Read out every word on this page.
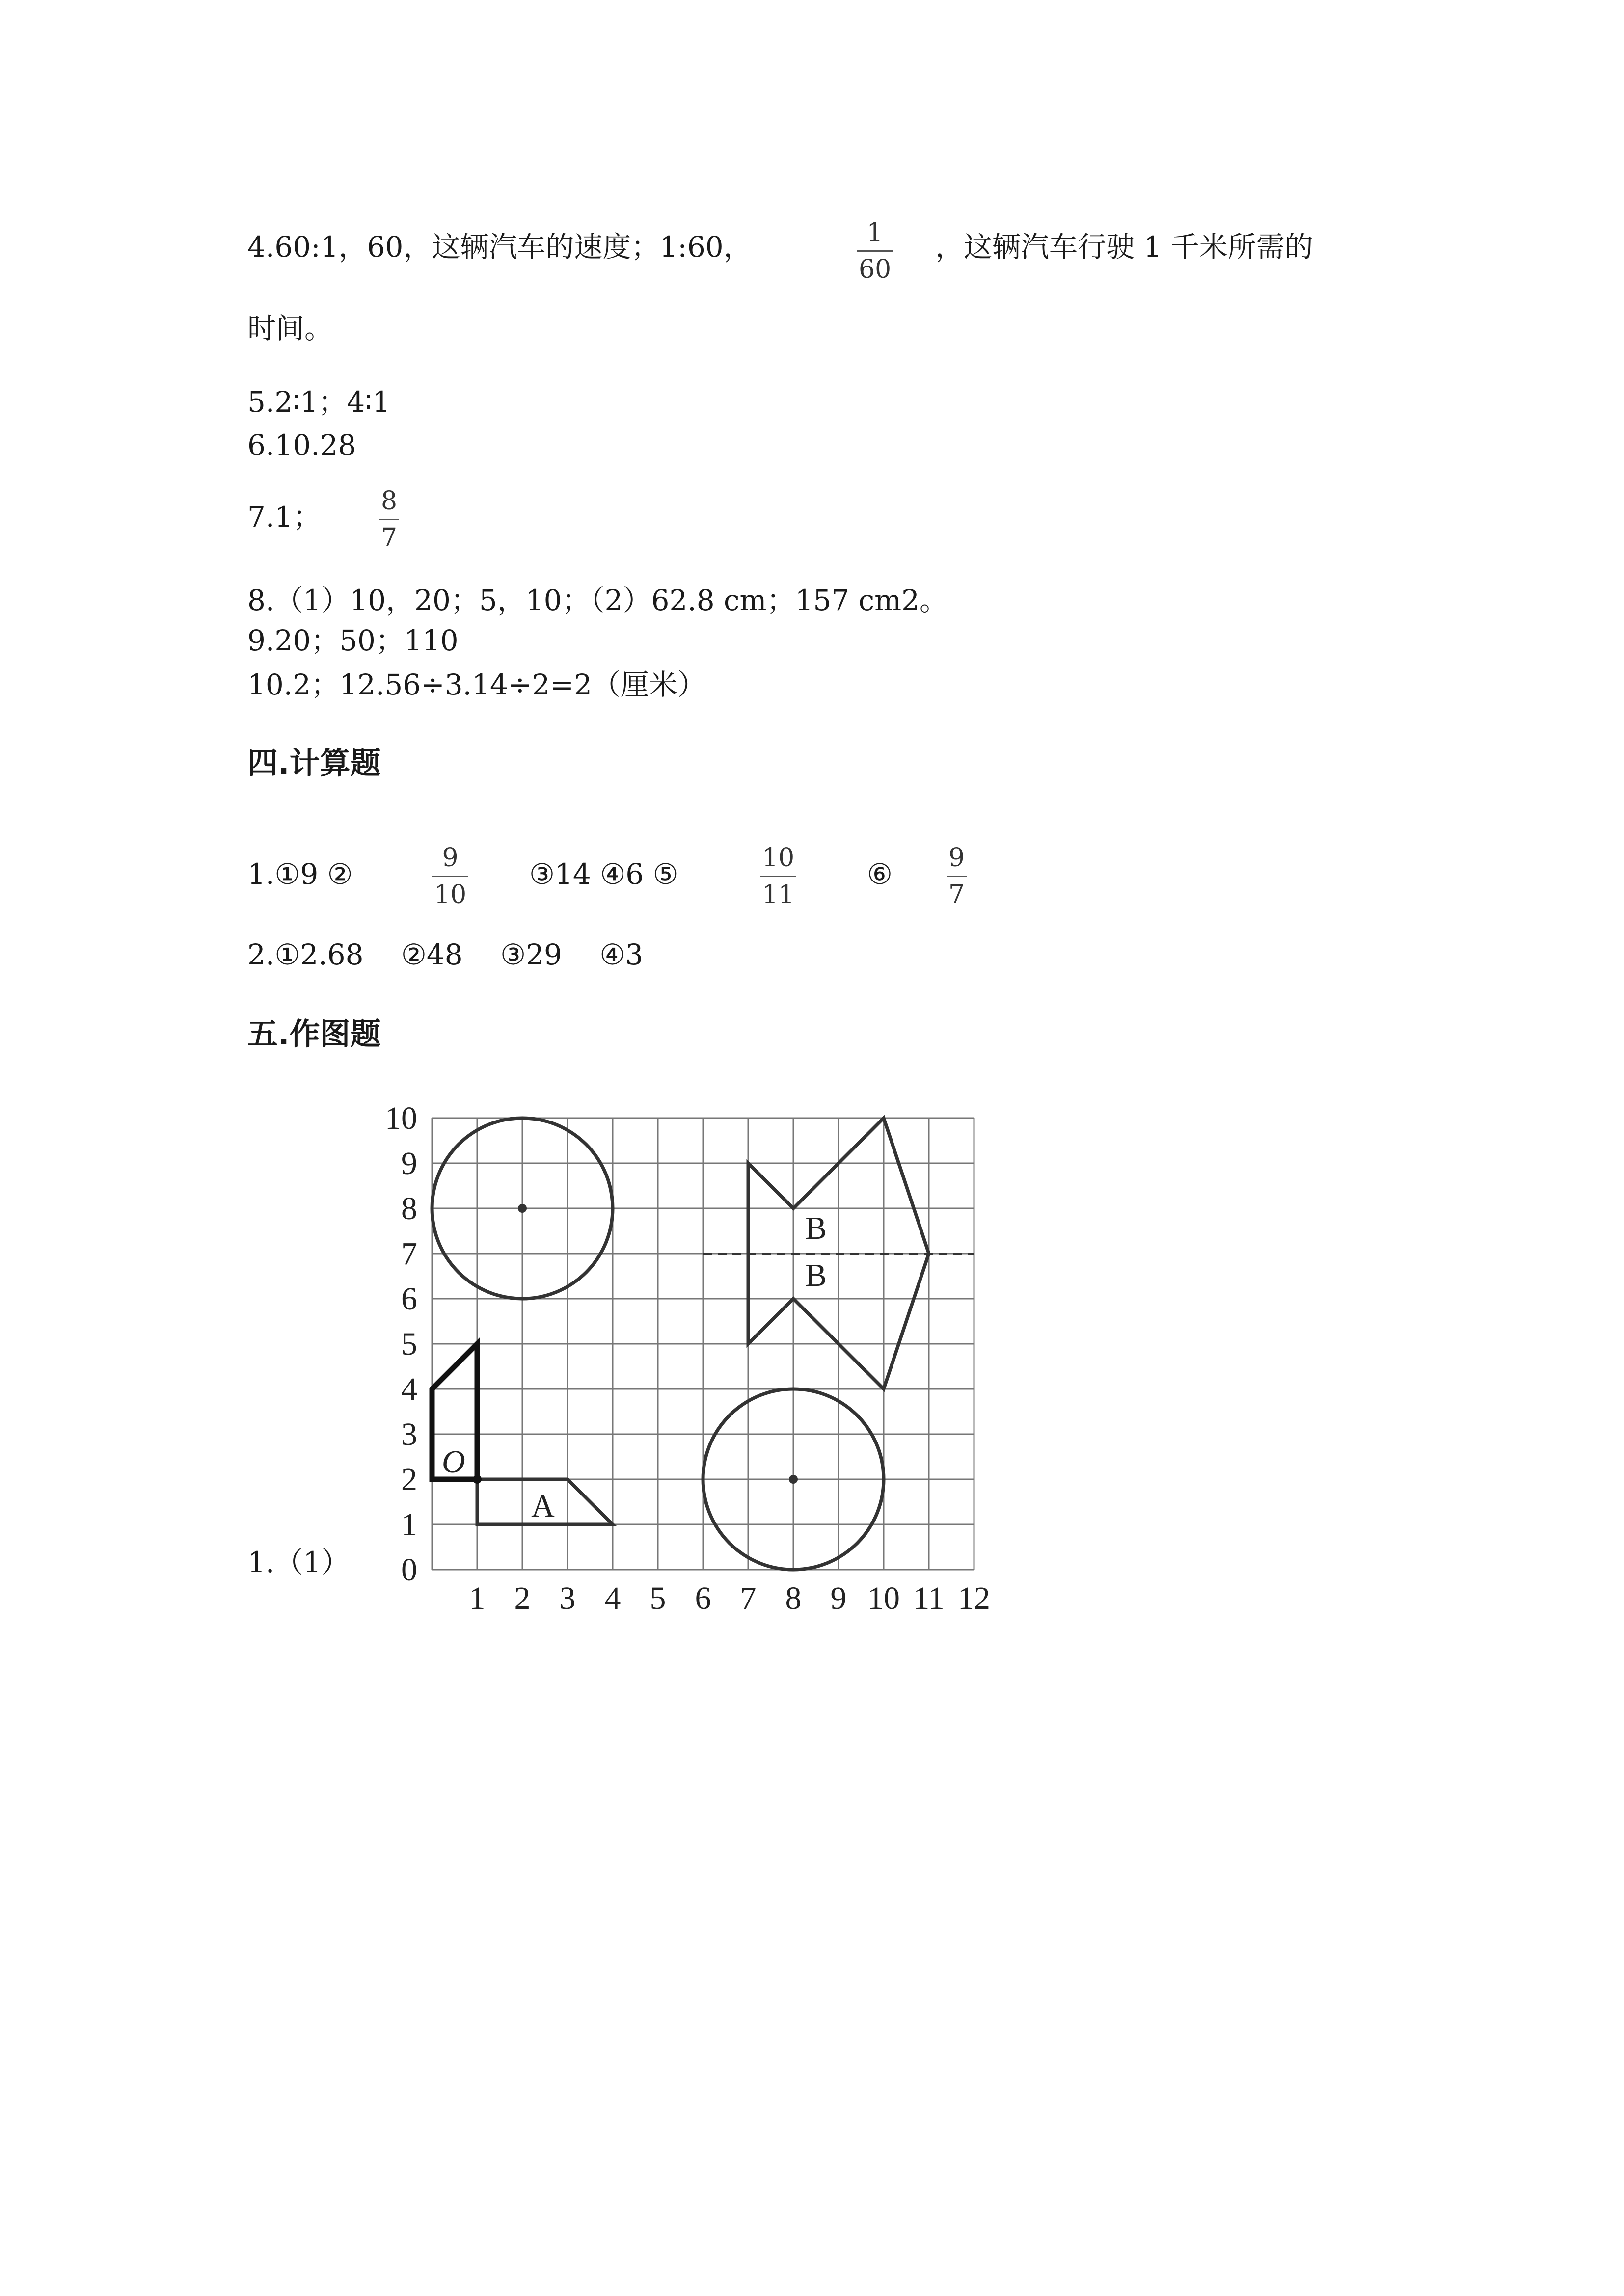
4.60:1，60，这辆汽车的速度；1:60，	1
60
，这辆汽车行驶 1 千米所需的
时间。
5.2∶1；4∶1
6.10.28
7.1； 8
7
8.（1）10，20；5，10；（2）62.8 cm；157 cm2。
9.20；50；110
10.2；12.56÷3.14÷2=2（厘米）
四.计算题
1.①9 ②	9
10
③14 ④6 ⑤	10
11
⑥ 9
7
2.①2.68　 ②48　 ③29　 ④3
五.作图题
1.（1）
1 2 3 4 5 6 7 8 9 10 11 12
0
1
2
3
4
5
6
7
8
9
10
B
B
A
O
